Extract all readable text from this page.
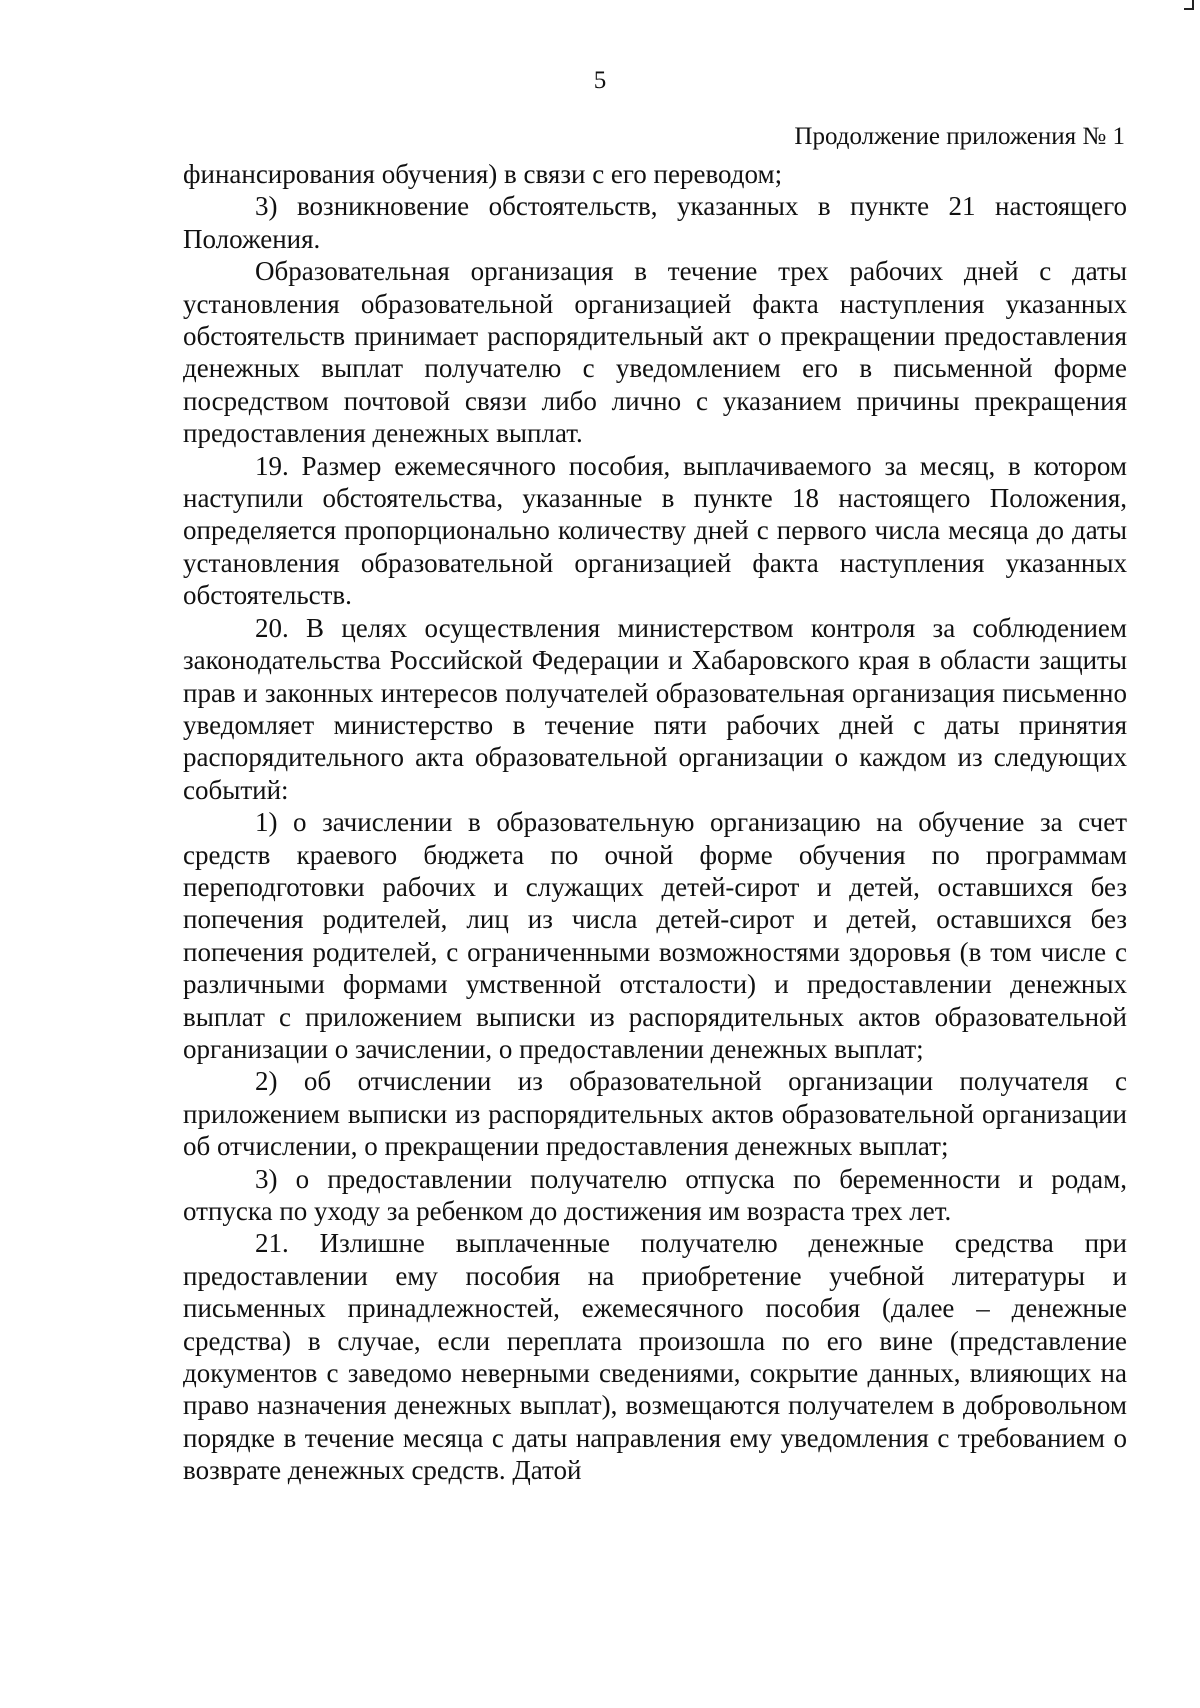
5
Продолжение приложения № 1

финансирования обучения) в связи с его переводом;

3) возникновение обстоятельств, указанных в пункте 21 настоящего Положения.

Образовательная организация в течение трех рабочих дней с даты установления образовательной организацией факта наступления указанных обстоятельств принимает распорядительный акт о прекращении предоставления денежных выплат получателю с уведомлением его в письменной форме посредством почтовой связи либо лично с указанием причины прекращения предоставления денежных выплат.

19. Размер ежемесячного пособия, выплачиваемого за месяц, в котором наступили обстоятельства, указанные в пункте 18 настоящего Положения, определяется пропорционально количеству дней с первого числа месяца до даты установления образовательной организацией факта наступления указанных обстоятельств.

20. В целях осуществления министерством контроля за соблюдением законодательства Российской Федерации и Хабаровского края в области защиты прав и законных интересов получателей образовательная организация письменно уведомляет министерство в течение пяти рабочих дней с даты принятия распорядительного акта образовательной организации о каждом из следующих событий:

1) о зачислении в образовательную организацию на обучение за счет средств краевого бюджета по очной форме обучения по программам переподготовки рабочих и служащих детей-сирот и детей, оставшихся без попечения родителей, лиц из числа детей-сирот и детей, оставшихся без попечения родителей, с ограниченными возможностями здоровья (в том числе с различными формами умственной отсталости) и предоставлении денежных выплат с приложением выписки из распорядительных актов образовательной организации о зачислении, о предоставлении денежных выплат;

2) об отчислении из образовательной организации получателя с приложением выписки из распорядительных актов образовательной организации об отчислении, о прекращении предоставления денежных выплат;

3) о предоставлении получателю отпуска по беременности и родам, отпуска по уходу за ребенком до достижения им возраста трех лет.

21. Излишне выплаченные получателю денежные средства при предоставлении ему пособия на приобретение учебной литературы и письменных принадлежностей, ежемесячного пособия (далее – денежные средства) в случае, если переплата произошла по его вине (представление документов с заведомо неверными сведениями, сокрытие данных, влияющих на право назначения денежных выплат), возмещаются получателем в добровольном порядке в течение месяца с даты направления ему уведомления с требованием о возврате денежных средств. Датой
